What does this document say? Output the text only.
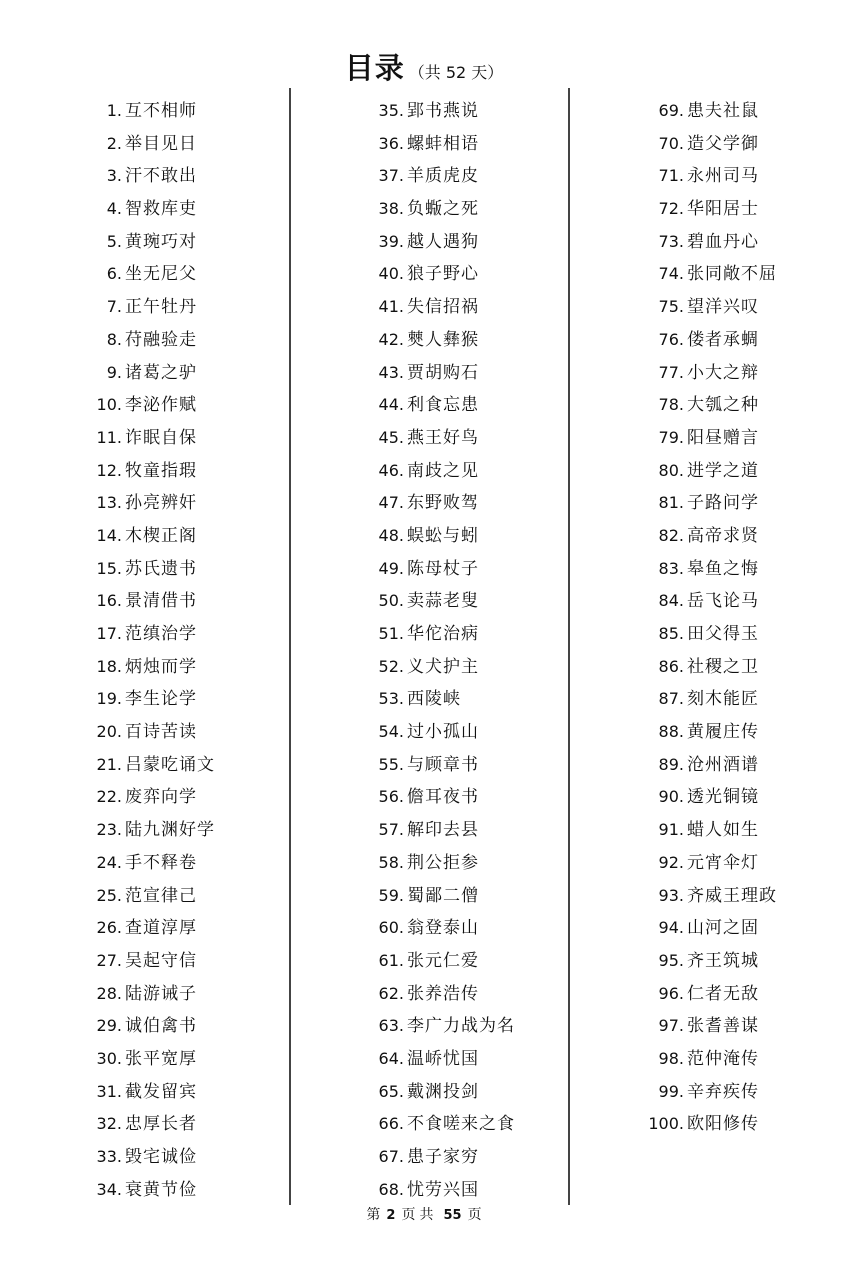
目录 （共 52 天）
1. 互不相师
2. 举目见日
3. 汗不敢出
4. 智救库吏
5. 黄琬巧对
6. 坐无尼父
7. 正午牡丹
8. 苻融验走
9. 诸葛之驴
10. 李泌作赋
11. 诈眠自保
12. 牧童指瑕
13. 孙亮辨奸
14. 木楔正阁
15. 苏氏遗书
16. 景清借书
17. 范缜治学
18. 炳烛而学
19. 李生论学
20. 百诗苦读
21. 吕蒙吃诵文
22. 废弈向学
23. 陆九渊好学
24. 手不释卷
25. 范宣律己
26. 查道淳厚
27. 吴起守信
28. 陆游诫子
29. 诚伯禽书
30. 张平宽厚
31. 截发留宾
32. 忠厚长者
33. 毁宅诚俭
34. 衰黄节俭
35. 郢书燕说
36. 螺蚌相语
37. 羊质虎皮
38. 负蝂之死
39. 越人遇狗
40. 狼子野心
41. 失信招祸
42. 僰人彝猴
43. 贾胡购石
44. 利食忘患
45. 燕王好鸟
46. 南歧之见
47. 东野败驾
48. 蜈蚣与蚓
49. 陈母杖子
50. 卖蒜老叟
51. 华佗治病
52. 义犬护主
53. 西陵峡
54. 过小孤山
55. 与顾章书
56. 儋耳夜书
57. 解印去县
58. 荆公拒参
59. 蜀鄙二僧
60. 翁登泰山
61. 张元仁爱
62. 张养浩传
63. 李广力战为名
64. 温峤忧国
65. 戴渊投剑
66. 不食嗟来之食
67. 患子家穷
68. 忧劳兴国
69. 患夫社鼠
70. 造父学御
71. 永州司马
72. 华阳居士
73. 碧血丹心
74. 张同敞不屈
75. 望洋兴叹
76. 偻者承蜩
77. 小大之辩
78. 大瓠之种
79. 阳昼赠言
80. 进学之道
81. 子路问学
82. 高帝求贤
83. 皋鱼之悔
84. 岳飞论马
85. 田父得玉
86. 社稷之卫
87. 刻木能匠
88. 黄履庄传
89. 沧州酒谱
90. 透光铜镜
91. 蜡人如生
92. 元宵伞灯
93. 齐威王理政
94. 山河之固
95. 齐王筑城
96. 仁者无敌
97. 张耆善谋
98. 范仲淹传
99. 辛弃疾传
100. 欧阳修传
第 2 页 共 55 页
